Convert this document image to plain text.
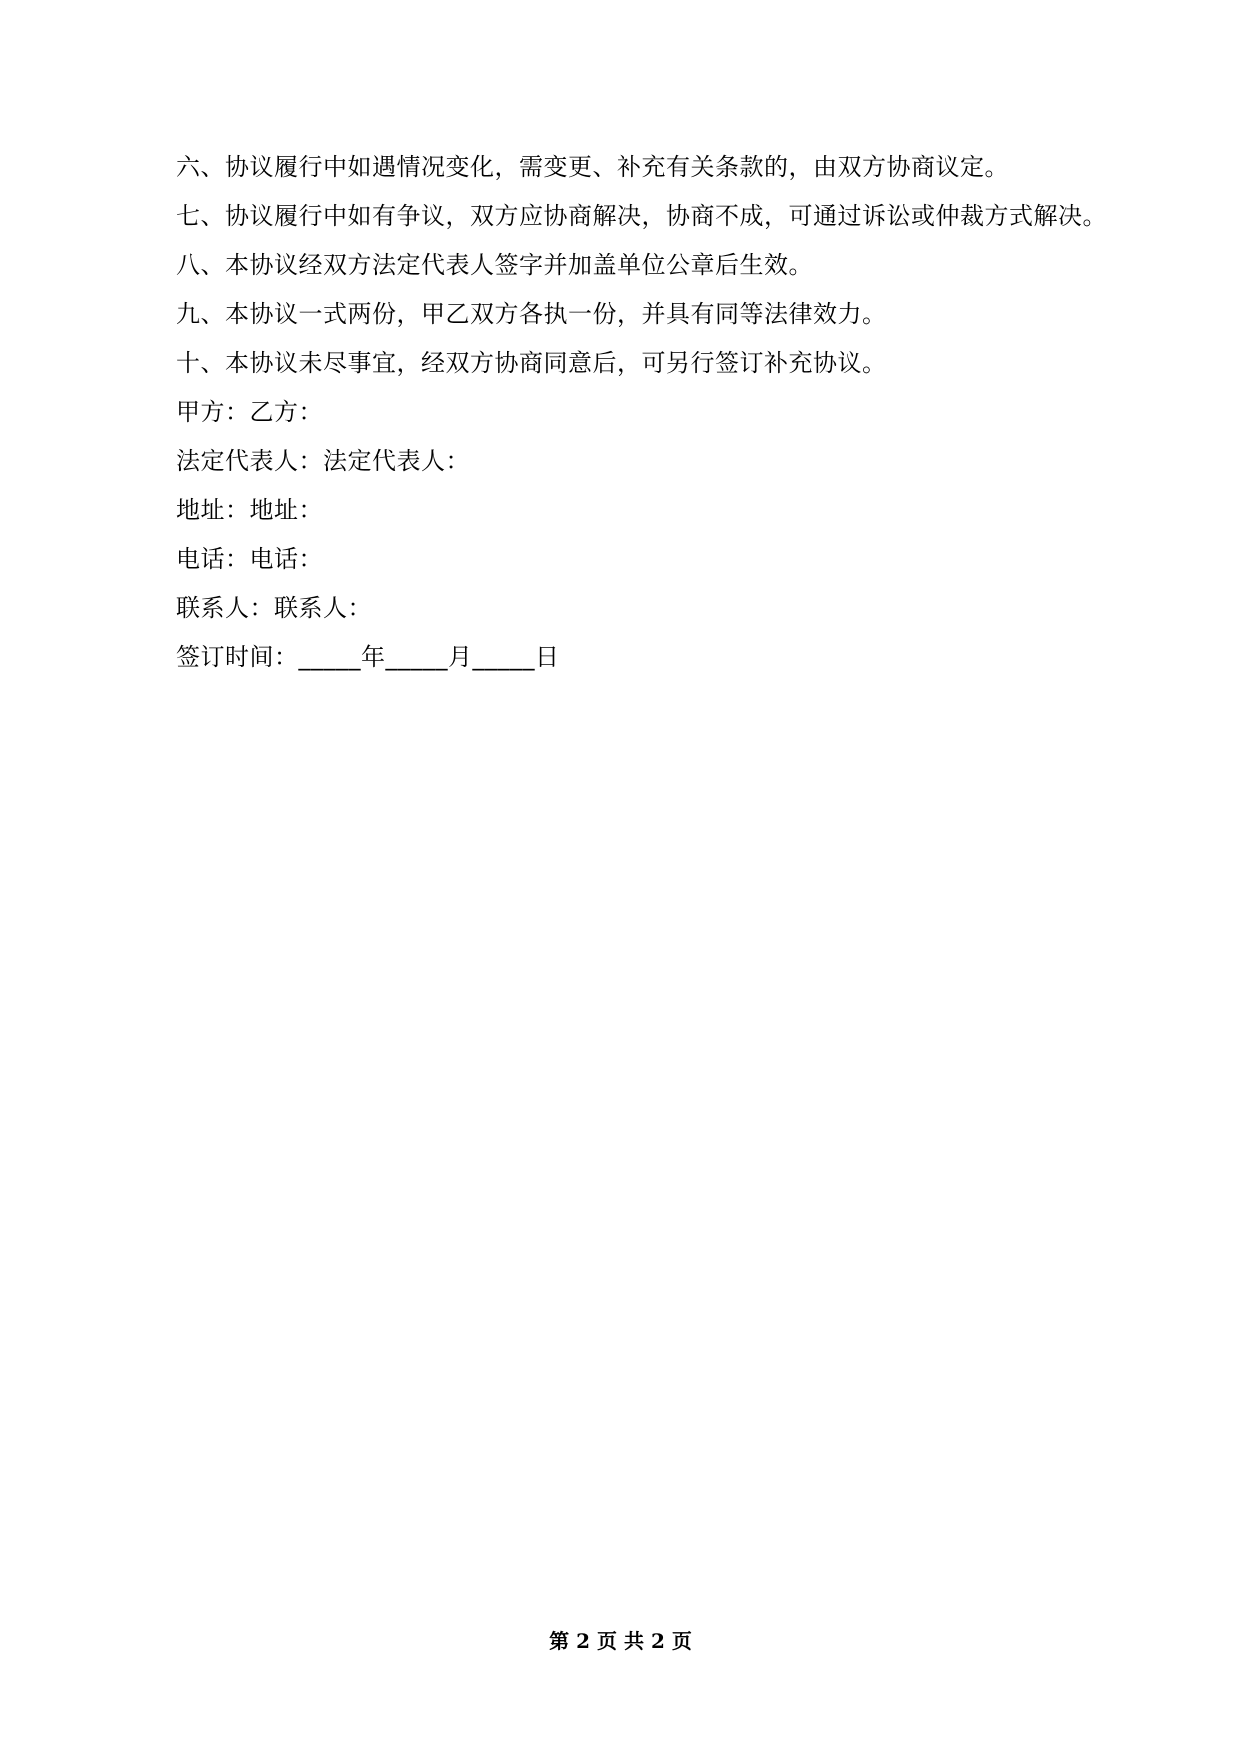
六、协议履行中如遇情况变化，需变更、补充有关条款的，由双方协商议定。
七、协议履行中如有争议，双方应协商解决，协商不成，可通过诉讼或仲裁方式解决。
八、本协议经双方法定代表人签字并加盖单位公章后生效。
九、本协议一式两份，甲乙双方各执一份，并具有同等法律效力。
十、本协议未尽事宜，经双方协商同意后，可另行签订补充协议。
甲方：乙方：
法定代表人：法定代表人：
地址：地址：
电话：电话：
联系人：联系人：
签订时间：_____年_____月_____日
第 2 页 共 2 页
